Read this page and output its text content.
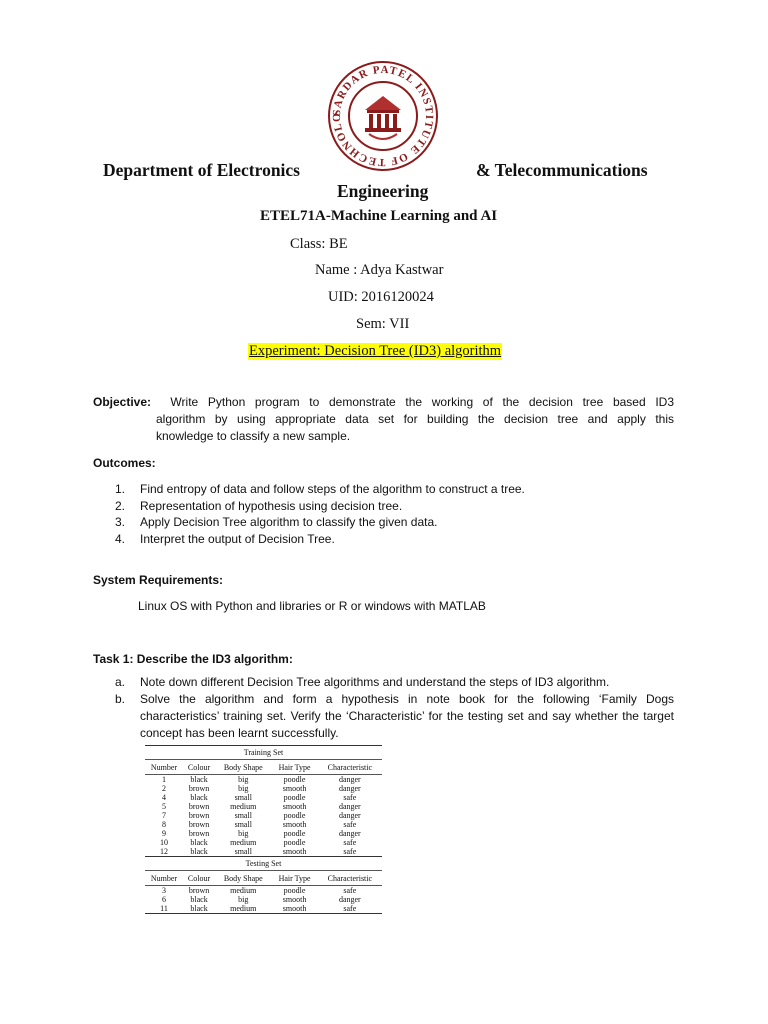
SARDAR PATEL INSTITUTE OF TECHNOLO
Department of Electronics	& Telecommunications
Engineering
ETEL71A-Machine Learning and AI
Class: BE
Name : Adya Kastwar
UID: 2016120024
Sem: VII
Experiment: Decision Tree (ID3) algorithm
Objective: Write Python program to demonstrate the working of the decision tree based ID3
algorithm by using appropriate data set for building the decision tree and apply this
knowledge to classify a new sample.
Outcomes:
1.	Find entropy of data and follow steps of the algorithm to construct a tree.
2.	Representation of hypothesis using decision tree.
3.	Apply Decision Tree algorithm to classify the given data.
4.	Interpret the output of Decision Tree.
System Requirements:
Linux OS with Python and libraries or R or windows with MATLAB
Task 1: Describe the ID3 algorithm:
a.	Note down different Decision Tree algorithms and understand the steps of ID3 algorithm.
b.	Solve the algorithm and form a hypothesis in note book for the following ‘Family Dogs characteristics’ training set. Verify the ‘Characteristic’ for the testing set and say whether the target concept has been learnt successfully.
Training Set				
Number	Colour	Body Shape	Hair Type	Characteristic
1	black	big	poodle	danger
2	brown	big	smooth	danger
4	black	small	poodle	safe
5	brown	medium	smooth	danger
7	brown	small	poodle	danger
8	brown	small	smooth	safe
9	brown	big	poodle	danger
10	black	medium	poodle	safe
12	black	small	smooth	safe
Testing Set				
Number	Colour	Body Shape	Hair Type	Characteristic
3	brown	medium	poodle	safe
6	black	big	smooth	danger
11	black	medium	smooth	safe
